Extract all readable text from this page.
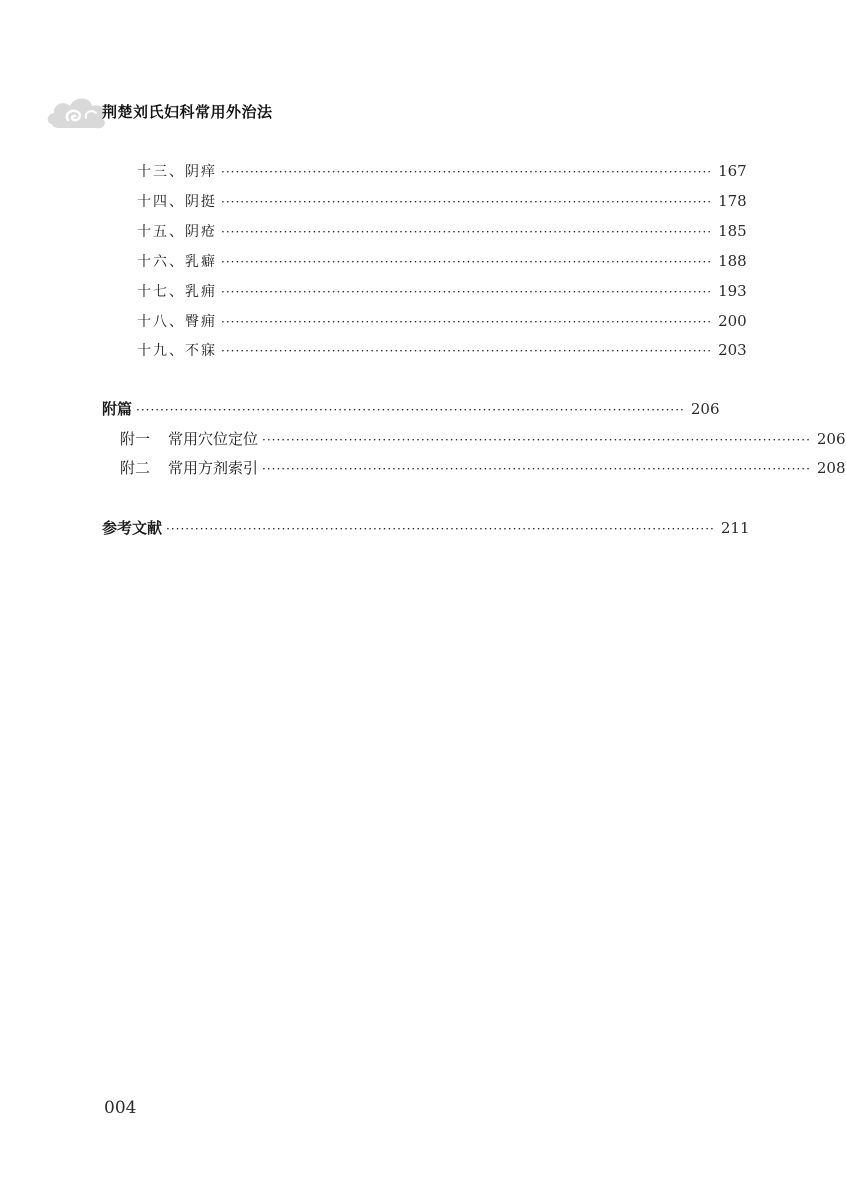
荆楚刘氏妇科常用外治法
十三、阴痒 ······································································································ 167
十四、阴挺 ······································································································ 178
十五、阴疮 ······································································································ 185
十六、乳癖 ······································································································ 188
十七、乳痈 ······································································································ 193
十八、臀痈 ······································································································ 200
十九、不寐 ······································································································ 203
附篇 ·················································································································· 206
附一 常用穴位定位 ·················································································································· 206
附二 常用方剂索引 ·················································································································· 208
参考文献 ·················································································································· 211
004
